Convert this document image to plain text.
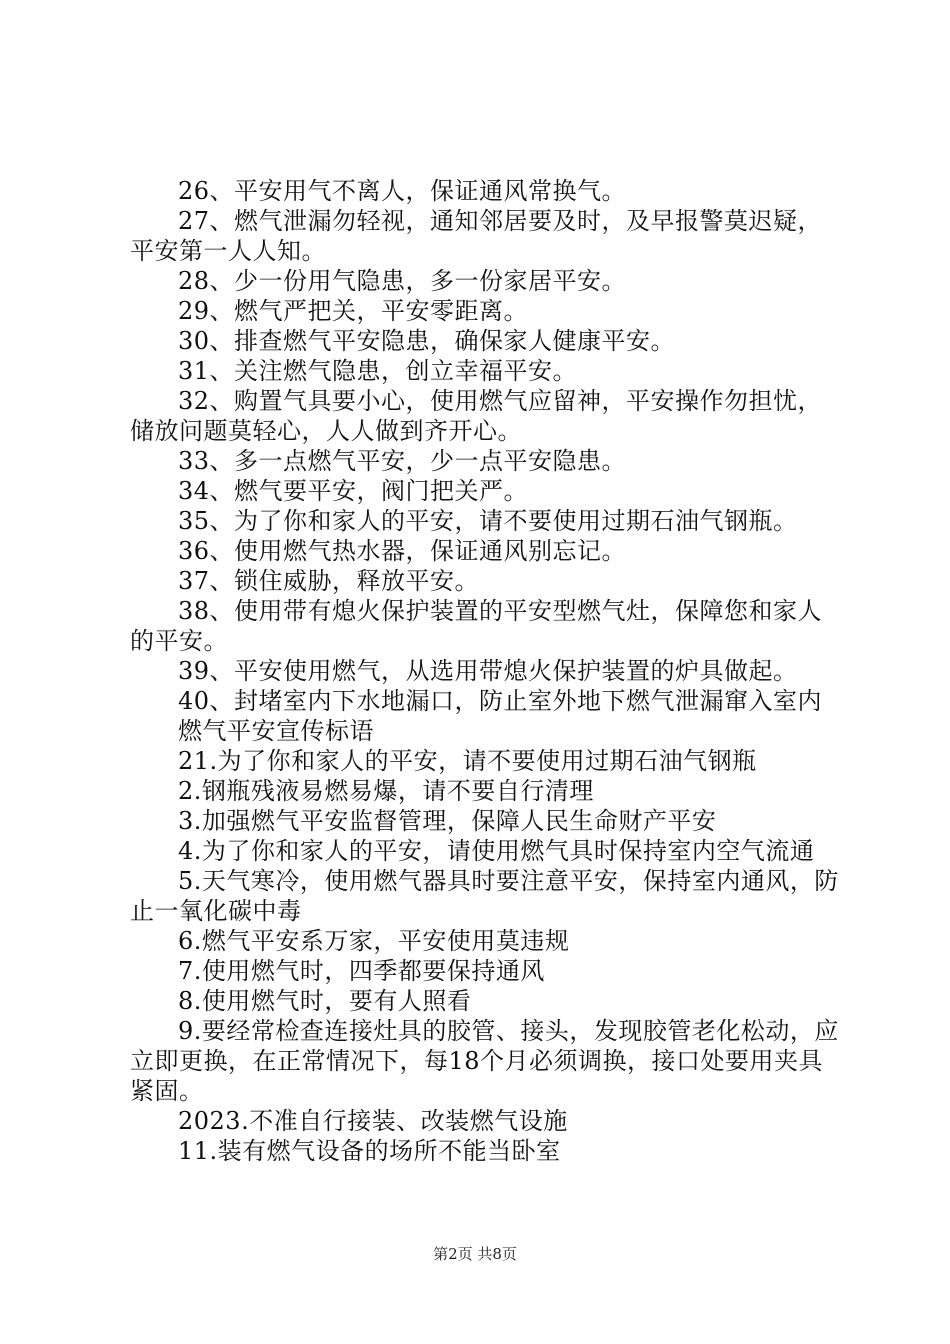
26、平安用气不离人，保证通风常换气。

27、燃气泄漏勿轻视，通知邻居要及时，及早报警莫迟疑，平安第一人人知。

28、少一份用气隐患，多一份家居平安。

29、燃气严把关，平安零距离。

30、排查燃气平安隐患，确保家人健康平安。

31、关注燃气隐患，创立幸福平安。

32、购置气具要小心，使用燃气应留神，平安操作勿担忧，储放问题莫轻心，人人做到齐开心。

33、多一点燃气平安，少一点平安隐患。

34、燃气要平安，阀门把关严。

35、为了你和家人的平安，请不要使用过期石油气钢瓶。

36、使用燃气热水器，保证通风别忘记。

37、锁住威胁，释放平安。

38、使用带有熄火保护装置的平安型燃气灶，保障您和家人的平安。

39、平安使用燃气，从选用带熄火保护装置的炉具做起。

40、封堵室内下水地漏口，防止室外地下燃气泄漏窜入室内

燃气平安宣传标语

21.为了你和家人的平安，请不要使用过期石油气钢瓶

2.钢瓶残液易燃易爆，请不要自行清理

3.加强燃气平安监督管理，保障人民生命财产平安

4.为了你和家人的平安，请使用燃气具时保持室内空气流通

5.天气寒冷，使用燃气器具时要注意平安，保持室内通风，防止一氧化碳中毒

6.燃气平安系万家，平安使用莫违规

7.使用燃气时，四季都要保持通风

8.使用燃气时，要有人照看

9.要经常检查连接灶具的胶管、接头，发现胶管老化松动，应立即更换，在正常情况下，每18个月必须调换，接口处要用夹具紧固。

2023.不准自行接装、改装燃气设施

11.装有燃气设备的场所不能当卧室

第2页 共8页
